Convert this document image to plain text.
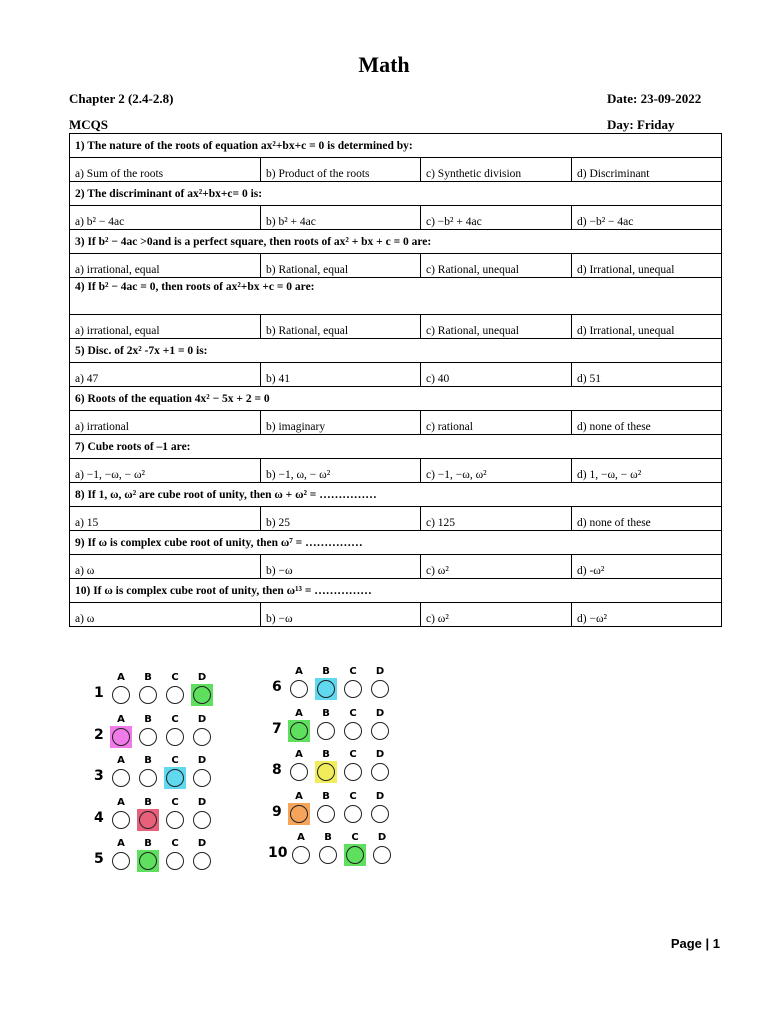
Math
Chapter 2 (2.4-2.8)	Date: 23-09-2022
MCQS	Day: Friday
1) The nature of the roots of equation ax²+bx+c = 0 is determined by:			
a) Sum of the roots	b) Product of the roots	c) Synthetic division	d) Discriminant
2) The discriminant of ax²+bx+c= 0 is:			
a) b² − 4ac	b) b² + 4ac	c) −b² + 4ac	d) −b² − 4ac
3) If b² − 4ac >0and is a perfect square, then roots of ax² + bx + c = 0 are:			
a) irrational, equal	b) Rational, equal	c) Rational, unequal	d) Irrational, unequal
4) If b² − 4ac = 0, then roots of ax²+bx +c = 0 are:			
a) irrational, equal	b) Rational, equal	c) Rational, unequal	d) Irrational, unequal
5) Disc. of 2x² -7x +1 = 0 is:			
a) 47	b) 41	c) 40	d) 51
6) Roots of the equation 4x² − 5x + 2 = 0			
a) irrational	b) imaginary	c) rational	d) none of these
7) Cube roots of –1 are:			
a) −1, −ω, − ω²	b) −1, ω, − ω²	c) −1, −ω, ω²	d) 1, −ω, − ω²
8) If 1, ω, ω² are cube root of unity, then ω + ω² = ……………			
a) 15	b) 25	c) 125	d) none of these
9) If ω is complex cube root of unity, then ω⁷ = ……………			
a) ω	b) −ω	c) ω²	d) -ω²
10) If ω is complex cube root of unity, then ω¹³ = ……………			
a) ω	b) −ω	c) ω²	d) −ω²
A	B	C	D
1
A	B	C	D
2
A	B	C	D
3
A	B	C	D
4
A	B	C	D
5
A	B	C	D
6
A	B	C	D
7
A	B	C	D
8
A	B	C	D
9
A	B	C	D
10
Page | 1
